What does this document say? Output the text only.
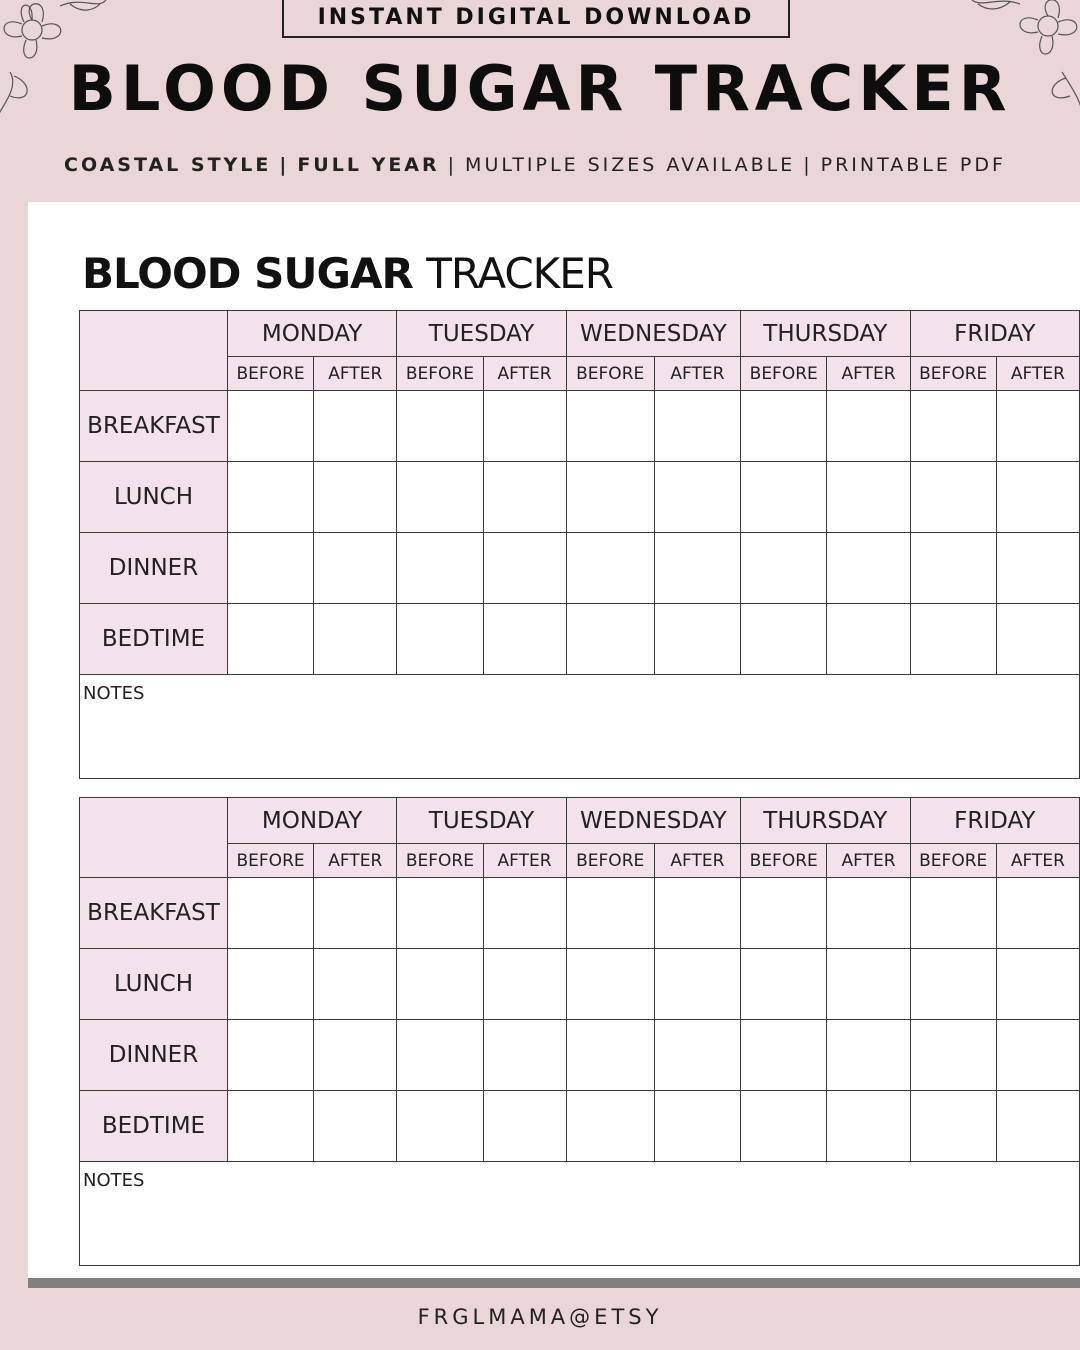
INSTANT DIGITAL DOWNLOAD
BLOOD SUGAR TRACKER
COASTAL STYLE | FULL YEAR | MULTIPLE SIZES AVAILABLE | PRINTABLE PDF
BLOOD SUGAR TRACKER
	MONDAY		TUESDAY		WEDNESDAY		THURSDAY		FRIDAY	
	BEFORE	AFTER	BEFORE	AFTER	BEFORE	AFTER	BEFORE	AFTER	BEFORE	AFTER
BREAKFAST										
LUNCH										
DINNER										
BEDTIME										
NOTES										
	MONDAY		TUESDAY		WEDNESDAY		THURSDAY		FRIDAY	
	BEFORE	AFTER	BEFORE	AFTER	BEFORE	AFTER	BEFORE	AFTER	BEFORE	AFTER
BREAKFAST										
LUNCH										
DINNER										
BEDTIME										
NOTES										
FRGLMAMA@ETSY
